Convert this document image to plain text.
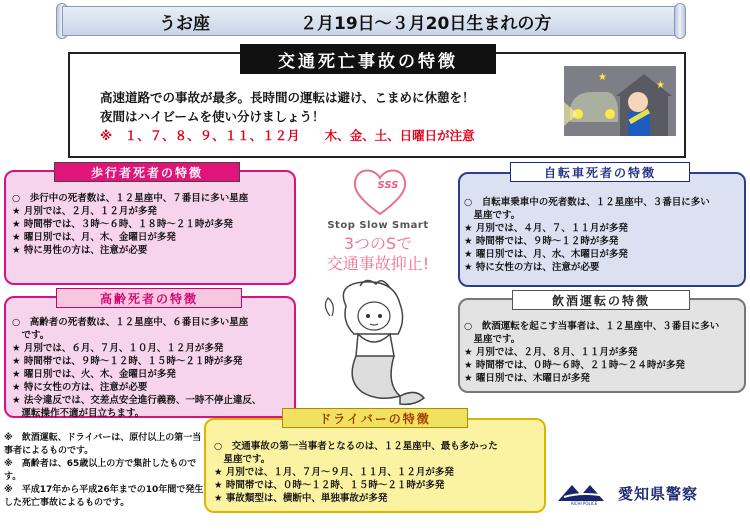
うお座	２月19日～３月20日生まれの方
交通死亡事故の特徴
高速道路での事故が最多。長時間の運転は避け、こまめに休憩を！
夜間はハイビームを使い分けましょう！
※　１、７、８、９、１１、１２月　　木、金、土、日曜日が注意
★
★
歩行者死者の特徴
○　歩行中の死者数は、１２星座中、７番目に多い星座
★ 月別では、２月、１２月が多発
★ 時間帯では、３時～６時、１８時～２１時が多発
★ 曜日別では、月、木、金曜日が多発
★ 特に男性の方は、注意が必要
高齢死者の特徴
○　高齢者の死者数は、１２星座中、６番目に多い星座
　です。
★ 月別では、６月、７月、１０月、１２月が多発
★ 時間帯では、９時～１２時、１５時～２１時が多発
★ 曜日別では、火、木、金曜日が多発
★ 特に女性の方は、注意が必要
★ 法令違反では、交差点安全進行義務、一時不停止違反、
　運転操作不適が目立ちます。
自転車死者の特徴
○　自転車乗車中の死者数は、１２星座中、３番目に多い
　星座です。
★ 月別では、４月、７、１１月が多発
★ 時間帯では、９時～１２時が多発
★ 曜日別では、月、水、木曜日が多発
★ 特に女性の方は、注意が必要
飲酒運転の特徴
○　飲酒運転を起こす当事者は、１２星座中、３番目に多い
　星座です。
★ 月別では、２月、８月、１１月が多発
★ 時間帯では、０時～６時、２１時～２４時が多発
★ 曜日別では、木曜日が多発
ドライバーの特徴
○　交通事故の第一当事者となるのは、１２星座中、最も多かった
　星座です。
★ 月別では、１月、７月～９月、１１月、１２月が多発
★ 時間帯では、０時～１２時、１５時～２１時が多発
★ 事故類型は、横断中、単独事故が多発
SSS
Stop Slow Smart
3つのSで
交通事故抑止!
※　飲酒運転、ドライバーは、原付以上の第一当事者によるものです。
※　高齢者は、65歳以上の方で集計したものです。
※　平成17年から平成26年までの10年間で発生した死亡事故によるものです。	AICHI POLICE
愛知県警察
